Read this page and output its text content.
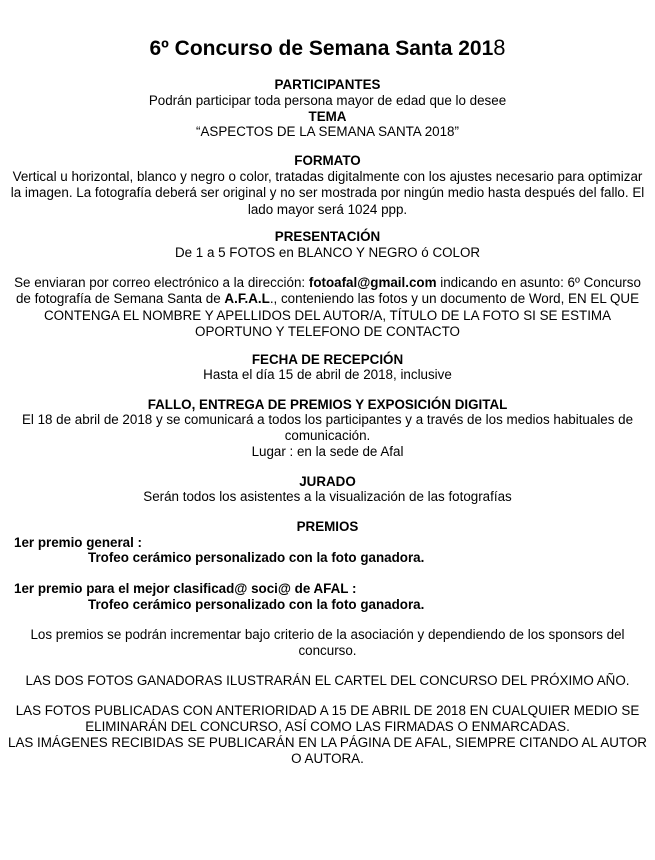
6º Concurso de Semana Santa 2018

PARTICIPANTES

Podrán participar toda persona mayor de edad que lo desee

TEMA

“ASPECTOS DE LA SEMANA SANTA 2018”

FORMATO

Vertical u horizontal, blanco y negro o color, tratadas digitalmente con los ajustes necesario para optimizar la imagen. La fotografía deberá ser original y no ser mostrada por ningún medio hasta después del fallo. El lado mayor será 1024 ppp.

PRESENTACIÓN

De 1 a 5 FOTOS en BLANCO Y NEGRO ó COLOR

Se enviaran por correo electrónico a la dirección: fotoafal@gmail.com indicando en asunto: 6º Concurso de fotografía de Semana Santa de A.F.A.L., conteniendo las fotos y un documento de Word, EN EL QUE CONTENGA EL NOMBRE Y APELLIDOS DEL AUTOR/A, TÍTULO DE LA FOTO SI SE ESTIMA OPORTUNO Y TELEFONO DE CONTACTO

FECHA DE RECEPCIÓN

Hasta el día 15 de abril de 2018, inclusive

FALLO, ENTREGA DE PREMIOS Y EXPOSICIÓN DIGITAL

El 18 de abril de 2018 y se comunicará a todos los participantes y a través de los medios habituales de comunicación.

Lugar : en la sede de Afal

JURADO

Serán todos los asistentes a la visualización de las fotografías

PREMIOS

1er premio general :

Trofeo cerámico personalizado con la foto ganadora.

1er premio para el mejor clasificad@ soci@ de AFAL :

Trofeo cerámico personalizado con la foto ganadora.

Los premios se podrán incrementar bajo criterio de la asociación y dependiendo de los sponsors del concurso.

LAS DOS FOTOS GANADORAS ILUSTRARÁN EL CARTEL DEL CONCURSO DEL PRÓXIMO AÑO.

LAS FOTOS PUBLICADAS CON ANTERIORIDAD A 15 DE ABRIL DE 2018 EN CUALQUIER MEDIO SE ELIMINARÁN DEL CONCURSO, ASÍ COMO LAS FIRMADAS O ENMARCADAS.

LAS IMÁGENES RECIBIDAS SE PUBLICARÁN EN LA PÁGINA DE AFAL, SIEMPRE CITANDO AL AUTOR O AUTORA.
